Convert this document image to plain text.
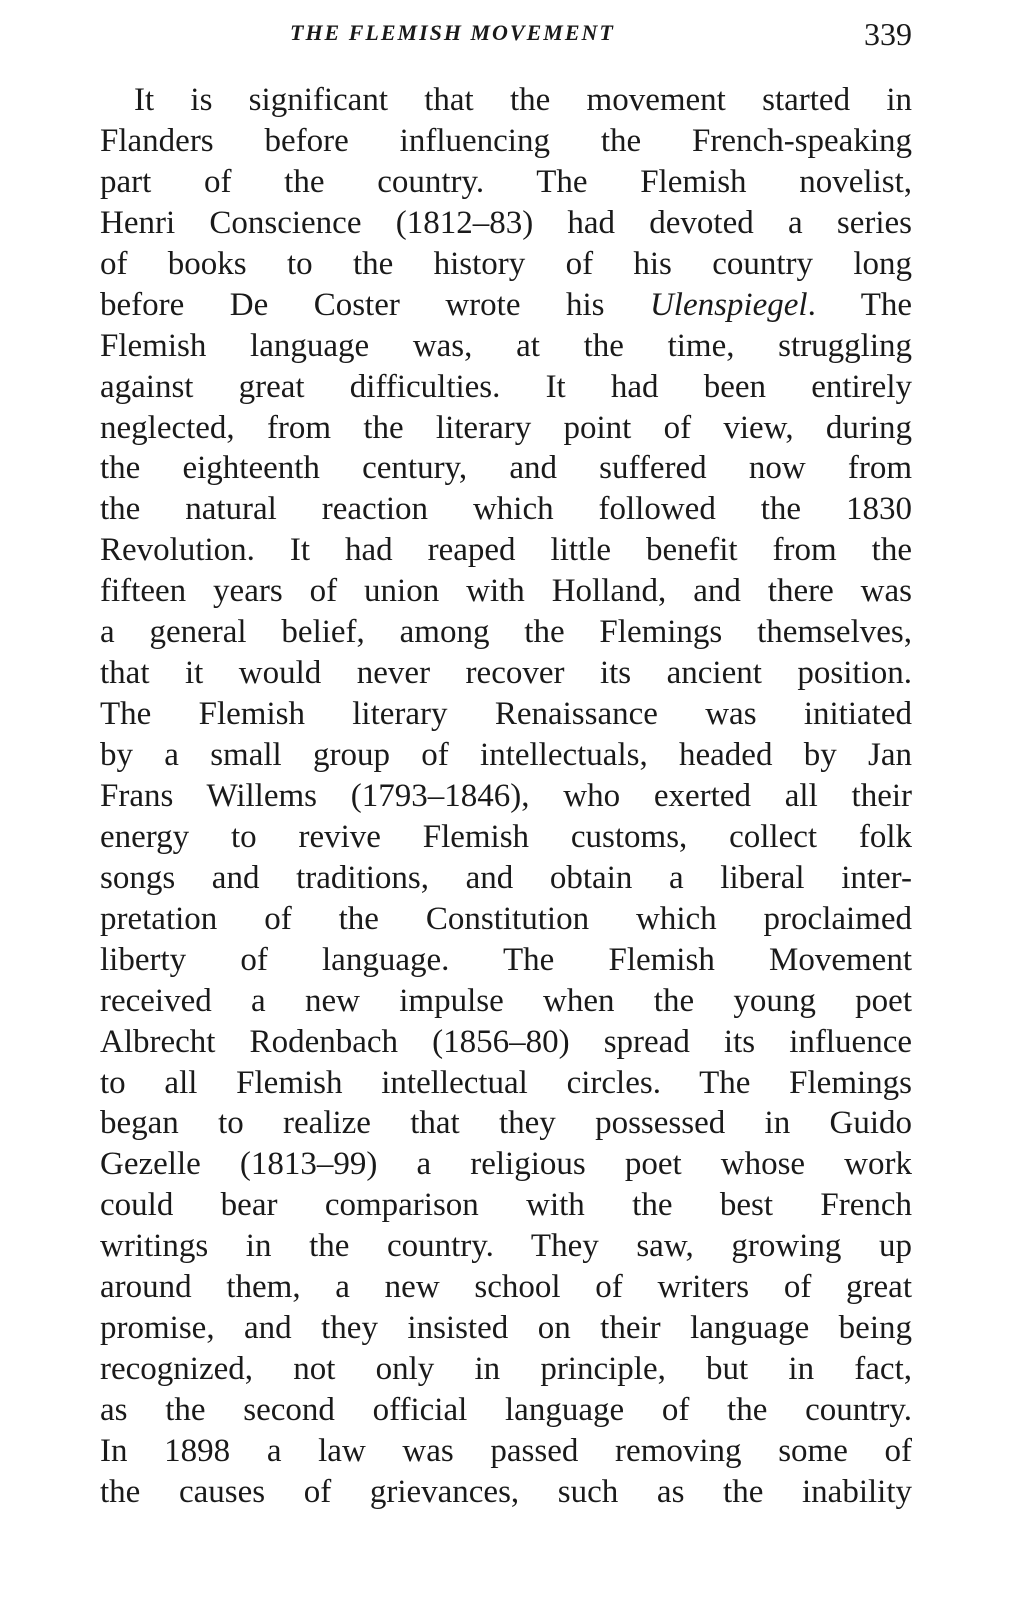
THE FLEMISH MOVEMENT	339
It is significant that the movement started in
Flanders before influencing the French-speaking
part of the country. The Flemish novelist,
Henri Conscience (1812–83) had devoted a series
of books to the history of his country long
before De Coster wrote his Ulenspiegel. The
Flemish language was, at the time, struggling
against great difficulties. It had been entirely
neglected, from the literary point of view, during
the eighteenth century, and suffered now from
the natural reaction which followed the 1830
Revolution. It had reaped little benefit from the
fifteen years of union with Holland, and there was
a general belief, among the Flemings themselves,
that it would never recover its ancient position.
The Flemish literary Renaissance was initiated
by a small group of intellectuals, headed by Jan
Frans Willems (1793–1846), who exerted all their
energy to revive Flemish customs, collect folk
songs and traditions, and obtain a liberal inter-
pretation of the Constitution which proclaimed
liberty of language. The Flemish Movement
received a new impulse when the young poet
Albrecht Rodenbach (1856–80) spread its influence
to all Flemish intellectual circles. The Flemings
began to realize that they possessed in Guido
Gezelle (1813–99) a religious poet whose work
could bear comparison with the best French
writings in the country. They saw, growing up
around them, a new school of writers of great
promise, and they insisted on their language being
recognized, not only in principle, but in fact,
as the second official language of the country.
In 1898 a law was passed removing some of
the causes of grievances, such as the inability
